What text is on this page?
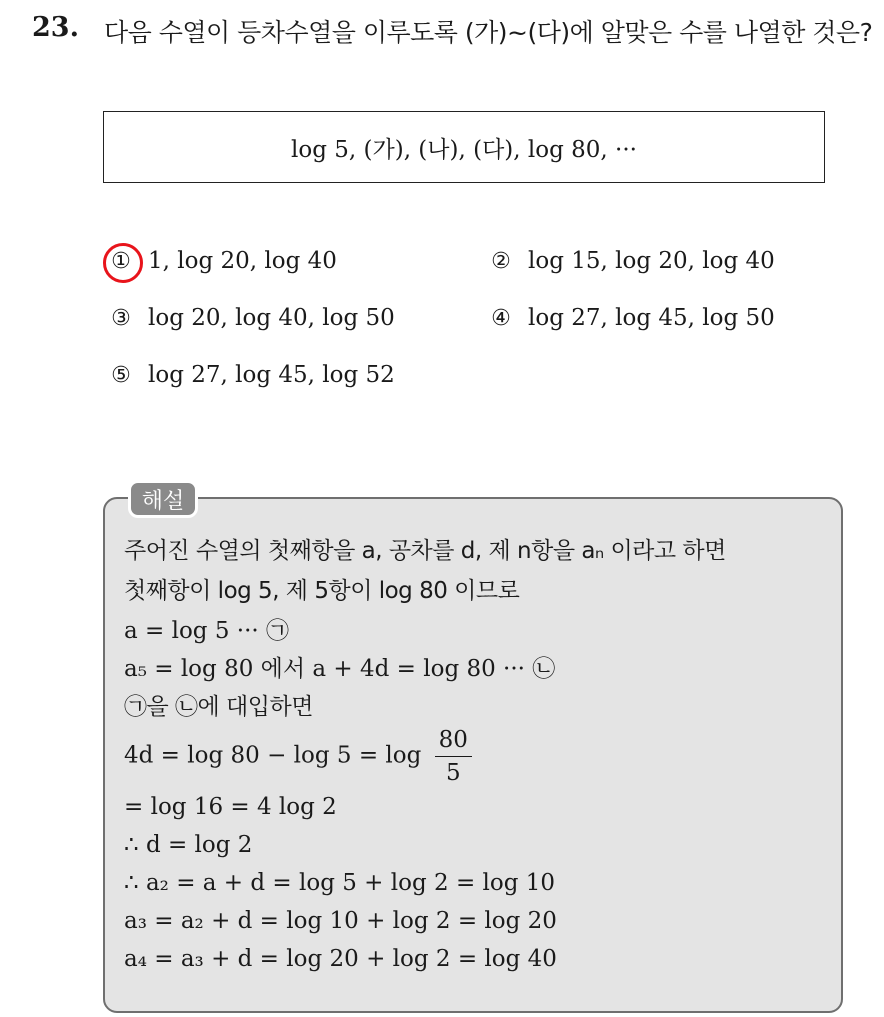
23. 다음 수열이 등차수열을 이루도록 (가)~(다)에 알맞은 수를 나열한 것은?
log 5, (가), (나), (다), log 80, ···
① 1, log 20, log 40	② log 15, log 20, log 40
③ log 20, log 40, log 50	④ log 27, log 45, log 50
⑤ log 27, log 45, log 52
해설
주어진 수열의 첫째항을 a, 공차를 d, 제 n항을 aₙ 이라고 하면
첫째항이 log 5, 제 5항이 log 80 이므로
a = log 5 ··· ㉠
a₅ = log 80 에서 a + 4d = log 80 ··· ㉡
㉠을 ㉡에 대입하면
$4d = \log 80 - \log 5 = \log \frac{80}{5}$
= log 16 = 4 log 2
∴ d = log 2
∴ a₂ = a + d = log 5 + log 2 = log 10
a₃ = a₂ + d = log 10 + log 2 = log 20
a₄ = a₃ + d = log 20 + log 2 = log 40
